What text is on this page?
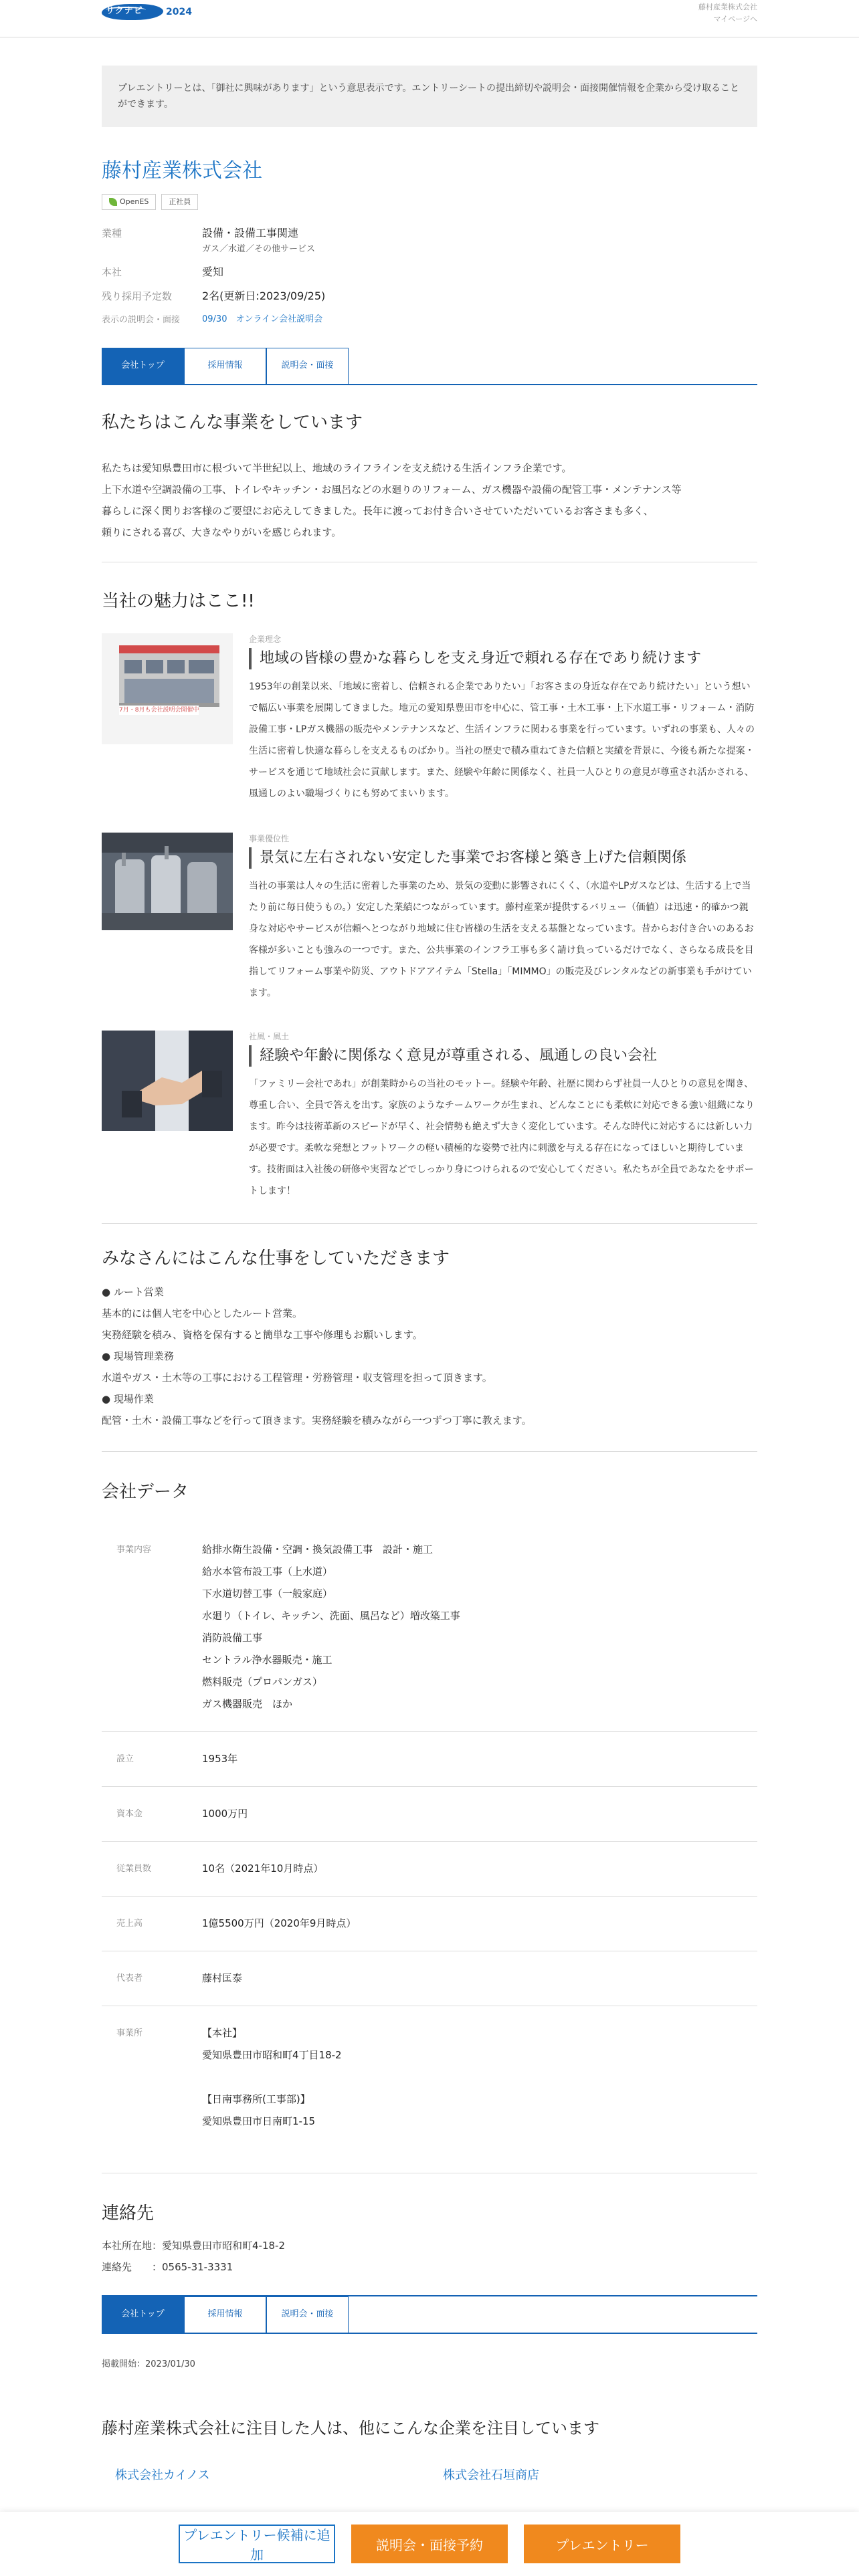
リクナビ 2024	藤村産業株式会社
マイページへ
プレエントリーとは、「御社に興味があります」という意思表示です。エントリーシートの提出締切や説明会・面接開催情報を企業から受け取ることができます。
藤村産業株式会社
OpenES	正社員
業種	設備・設備工事関連
ガス／水道／その他サービス
本社	愛知
残り採用予定数	2名(更新日:2023/09/25)
表示の説明会・面接	09/30　 オンライン会社説明会
会社トップ	採用情報	説明会・面接
私たちはこんな事業をしています
私たちは愛知県豊田市に根づいて半世紀以上、地域のライフラインを支え続ける生活インフラ企業です。
上下水道や空調設備の工事、トイレやキッチン・お風呂などの水廻りのリフォーム、ガス機器や設備の配管工事・メンテナンス等
暮らしに深く関りお客様のご要望にお応えしてきました。長年に渡ってお付き合いさせていただいているお客さまも多く、
頼りにされる喜び、大きなやりがいを感じられます。
当社の魅力はここ!!
7月・8月も会社説明会開催中
企業理念
地域の皆様の豊かな暮らしを支え身近で頼れる存在であり続けます
1953年の創業以来、「地域に密着し、信頼される企業でありたい」「お客さまの身近な存在であり続けたい」という想いで幅広い事業を展開してきました。地元の愛知県豊田市を中心に、管工事・土木工事・上下水道工事・リフォーム・消防設備工事・LPガス機器の販売やメンテナンスなど、生活インフラに関わる事業を行っています。いずれの事業も、人々の生活に密着し快適な暮らしを支えるものばかり。当社の歴史で積み重ねてきた信頼と実績を背景に、今後も新たな提案・サービスを通じて地域社会に貢献します。また、経験や年齢に関係なく、社員一人ひとりの意見が尊重され活かされる、風通しのよい職場づくりにも努めてまいります。
事業優位性
景気に左右されない安定した事業でお客様と築き上げた信頼関係
当社の事業は人々の生活に密着した事業のため、景気の変動に影響されにくく、（水道やLPガスなどは、生活する上で当たり前に毎日使うもの。）安定した業績につながっています。藤村産業が提供するバリュー（価値）は迅速・的確かつ親身な対応やサービスが信頼へとつながり地域に住む皆様の生活を支える基盤となっています。昔からお付き合いのあるお客様が多いことも強みの一つです。また、公共事業のインフラ工事も多く請け負っているだけでなく、さらなる成長を目指してリフォーム事業や防災、アウトドアアイテム「Stella」「MIMMO」の販売及びレンタルなどの新事業も手がけています。
社風・風土
経験や年齢に関係なく意見が尊重される、風通しの良い会社
「ファミリー会社であれ」が創業時からの当社のモットー。経験や年齢、社歴に関わらず社員一人ひとりの意見を聞き、尊重し合い、全員で答えを出す。家族のようなチームワークが生まれ、どんなことにも柔軟に対応できる強い組織になります。昨今は技術革新のスピードが早く、社会情勢も絶えず大きく変化しています。そんな時代に対応するには新しい力が必要です。柔軟な発想とフットワークの軽い積極的な姿勢で社内に刺激を与える存在になってほしいと期待しています。技術面は入社後の研修や実習などでしっかり身につけられるので安心してください。私たちが全員であなたをサポートします！
みなさんにはこんな仕事をしていただきます
● ルート営業
基本的には個人宅を中心としたルート営業。
実務経験を積み、資格を保有すると簡単な工事や修理もお願いします。
● 現場管理業務
水道やガス・土木等の工事における工程管理・労務管理・収支管理を担って頂きます。
● 現場作業
配管・土木・設備工事などを行って頂きます。実務経験を積みながら一つずつ丁寧に教えます。
会社データ
事業内容	給排水衛生設備・空調・換気設備工事　設計・施工
給水本管布設工事（上水道）
下水道切替工事（一般家庭）
水廻り（トイレ、キッチン、洗面、風呂など）増改築工事
消防設備工事
セントラル浄水器販売・施工
燃料販売（プロパンガス）
ガス機器販売　ほか
設立	1953年
資本金	1000万円
従業員数	10名（2021年10月時点）
売上高	1億5500万円（2020年9月時点）
代表者	藤村匡泰
事業所	【本社】
愛知県豊田市昭和町4丁目18-2
【日南事務所(工事部)】
愛知県豊田市日南町1-15
連絡先
本社所在地：愛知県豊田市昭和町4-18-2
連絡先　　：0565-31-3331
会社トップ	採用情報	説明会・面接
掲載開始：2023/01/30
藤村産業株式会社に注目した人は、他にこんな企業を注目しています
株式会社カイノス	株式会社石垣商店
プレエントリー候補に追加
説明会・面接予約	プレエントリー
